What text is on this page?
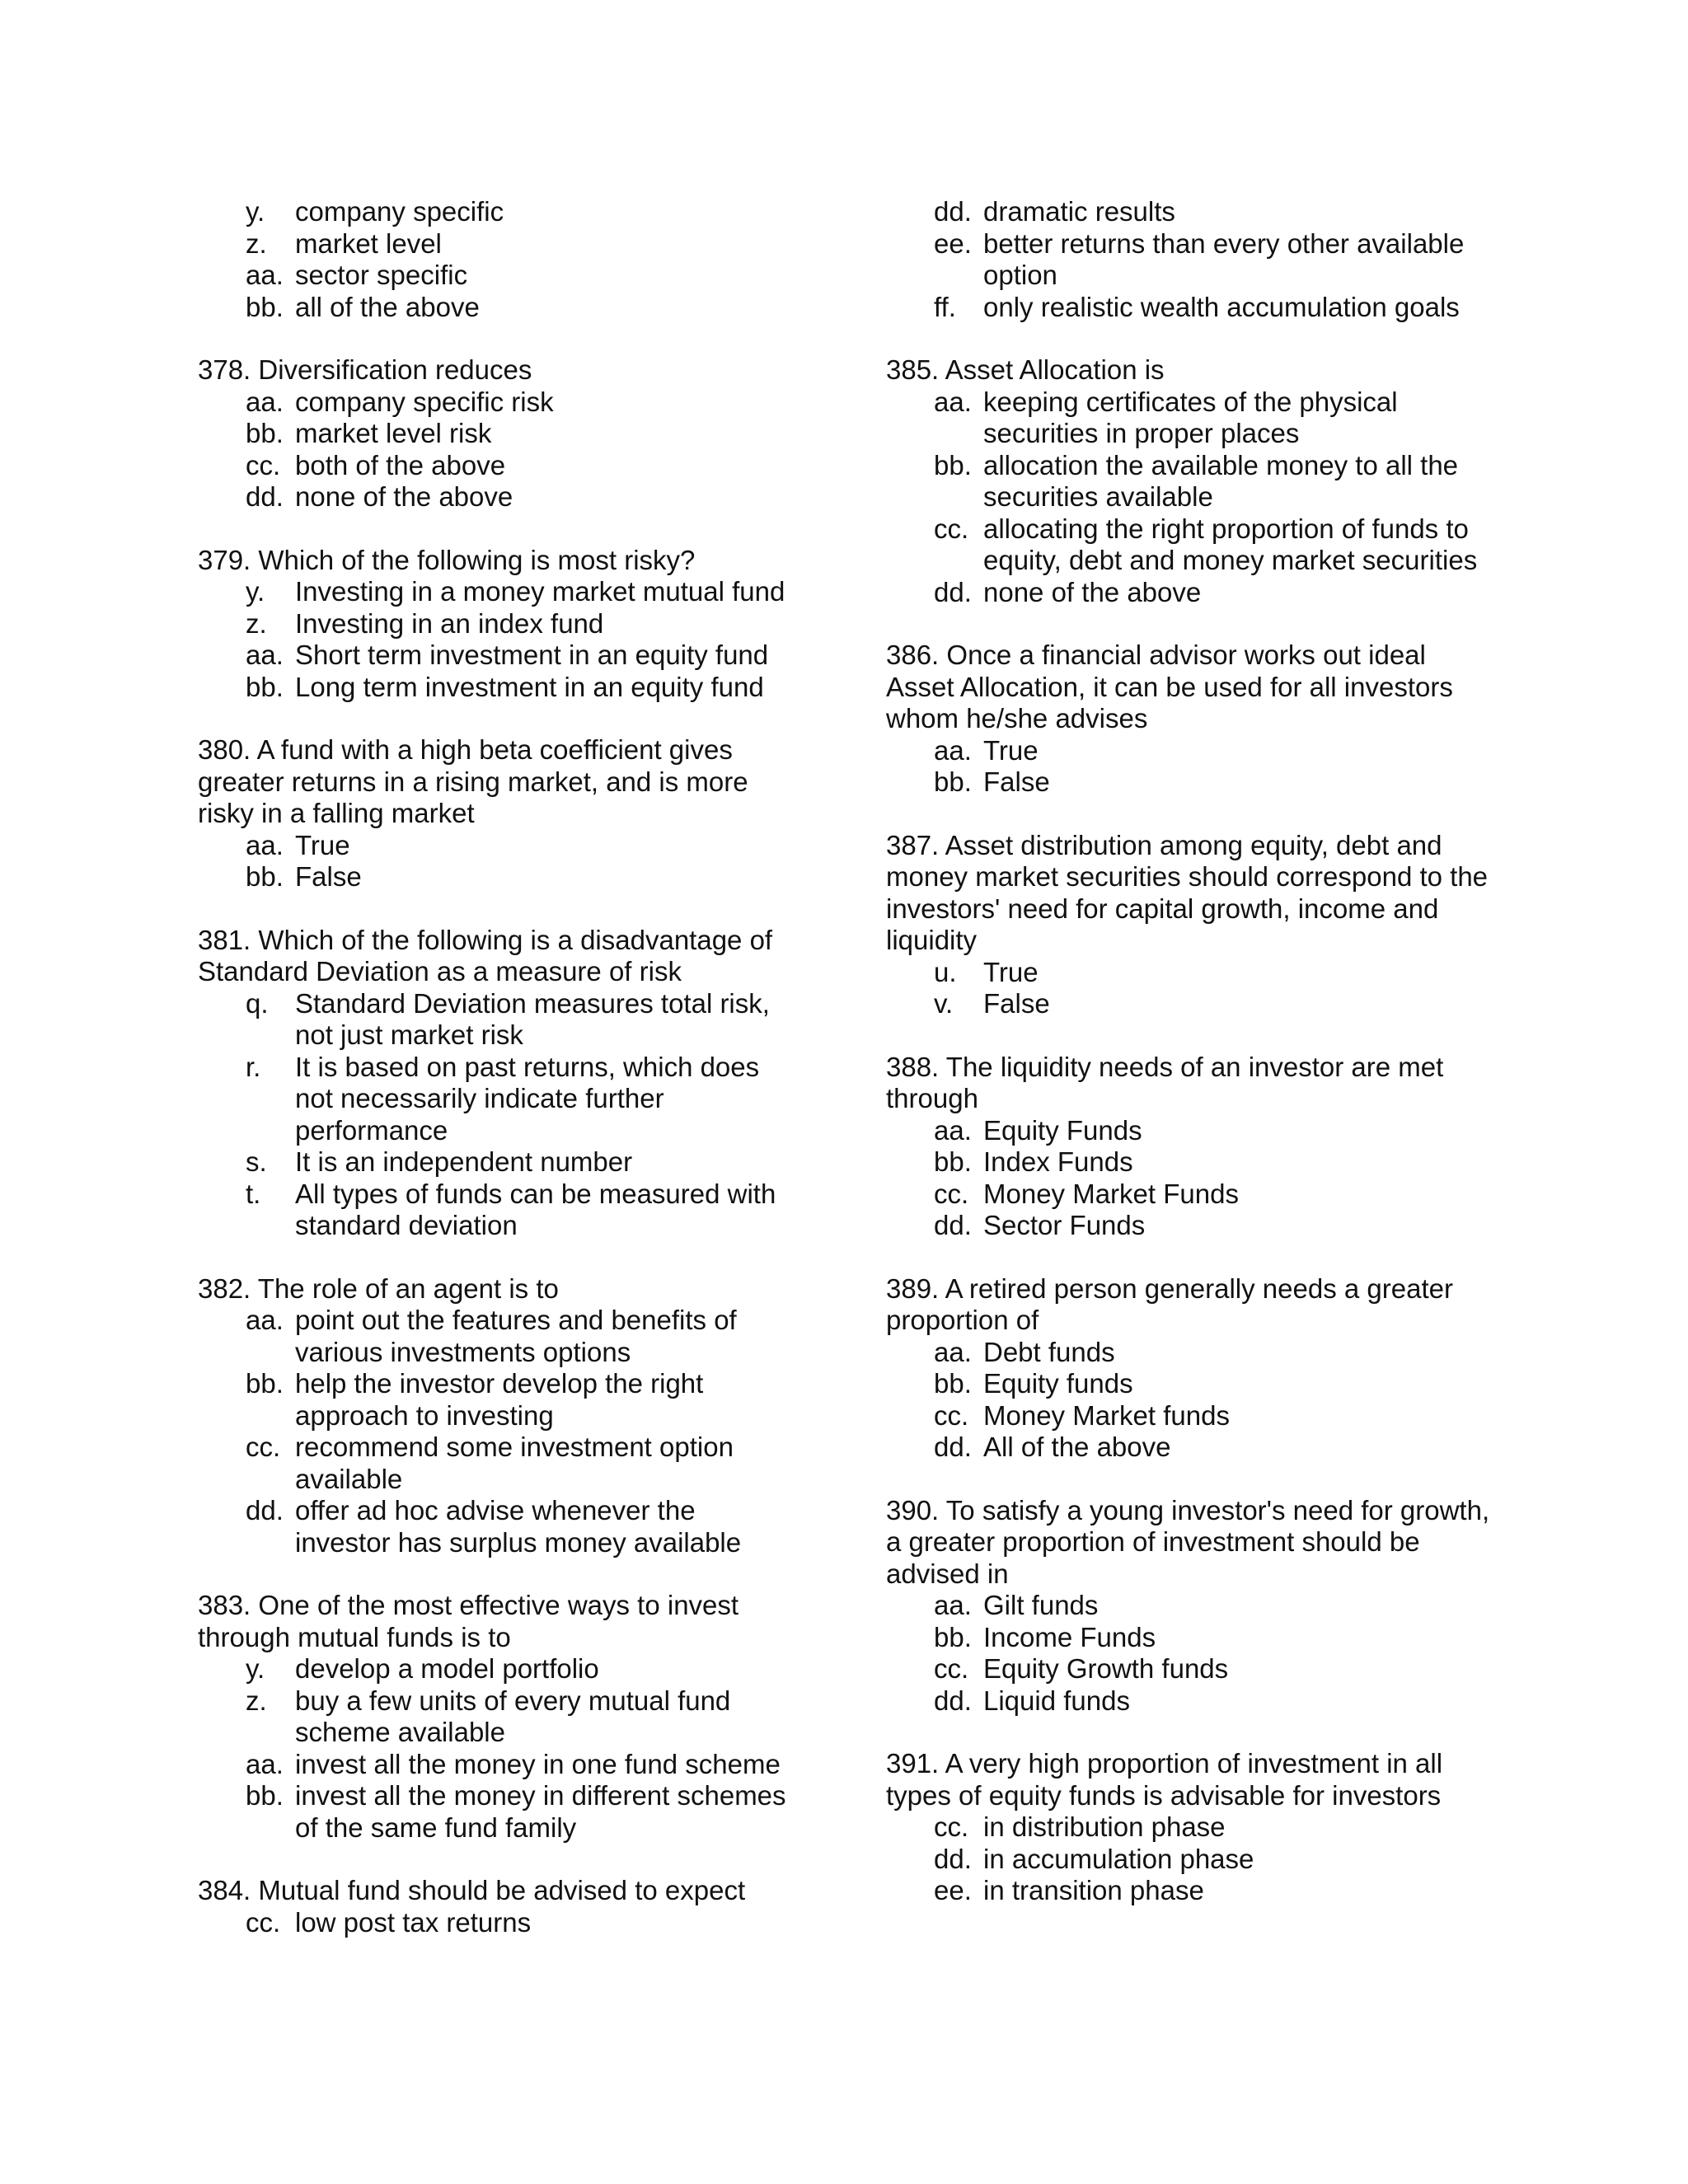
y. company specific
z. market level
aa. sector specific
bb. all of the above

378. Diversification reduces

aa. company specific risk
bb. market level risk
cc. both of the above
dd. none of the above

379. Which of the following is most risky?

y. Investing in a money market mutual fund
z. Investing in an index fund
aa. Short term investment in an equity fund
bb. Long term investment in an equity fund

380. A fund with a high beta coefficient gives greater returns in a rising market, and is more risky in a falling market

aa. True
bb. False

381. Which of the following is a disadvantage of Standard Deviation as a measure of risk

q. Standard Deviation measures total risk, not just market risk
r. It is based on past returns, which does not necessarily indicate further performance
s. It is an independent number
t. All types of funds can be measured with standard deviation

382. The role of an agent is to

aa. point out the features and benefits of various investments options
bb. help the investor develop the right approach to investing
cc. recommend some investment option available
dd. offer ad hoc advise whenever the investor has surplus money available

383. One of the most effective ways to invest through mutual funds is to

y. develop a model portfolio
z. buy a few units of every mutual fund scheme available
aa. invest all the money in one fund scheme
bb. invest all the money in different schemes of the same fund family

384. Mutual fund should be advised to expect

cc. low post tax returns
dd. dramatic results
ee. better returns than every other available option
ff. only realistic wealth accumulation goals

385. Asset Allocation is

aa. keeping certificates of the physical securities in proper places
bb. allocation the available money to all the securities available
cc. allocating the right proportion of funds to equity, debt and money market securities
dd. none of the above

386. Once a financial advisor works out ideal Asset Allocation, it can be used for all investors whom he/she advises

aa. True
bb. False

387. Asset distribution among equity, debt and money market securities should correspond to the investors' need for capital growth, income and liquidity

u. True
v. False

388. The liquidity needs of an investor are met through

aa. Equity Funds
bb. Index Funds
cc. Money Market Funds
dd. Sector Funds

389. A retired person generally needs a greater proportion of

aa. Debt funds
bb. Equity funds
cc. Money Market funds
dd. All of the above

390. To satisfy a young investor's need for growth, a greater proportion of investment should be advised in

aa. Gilt funds
bb. Income Funds
cc. Equity Growth funds
dd. Liquid funds

391. A very high proportion of investment in all types of equity funds is advisable for investors

cc. in distribution phase
dd. in accumulation phase
ee. in transition phase
